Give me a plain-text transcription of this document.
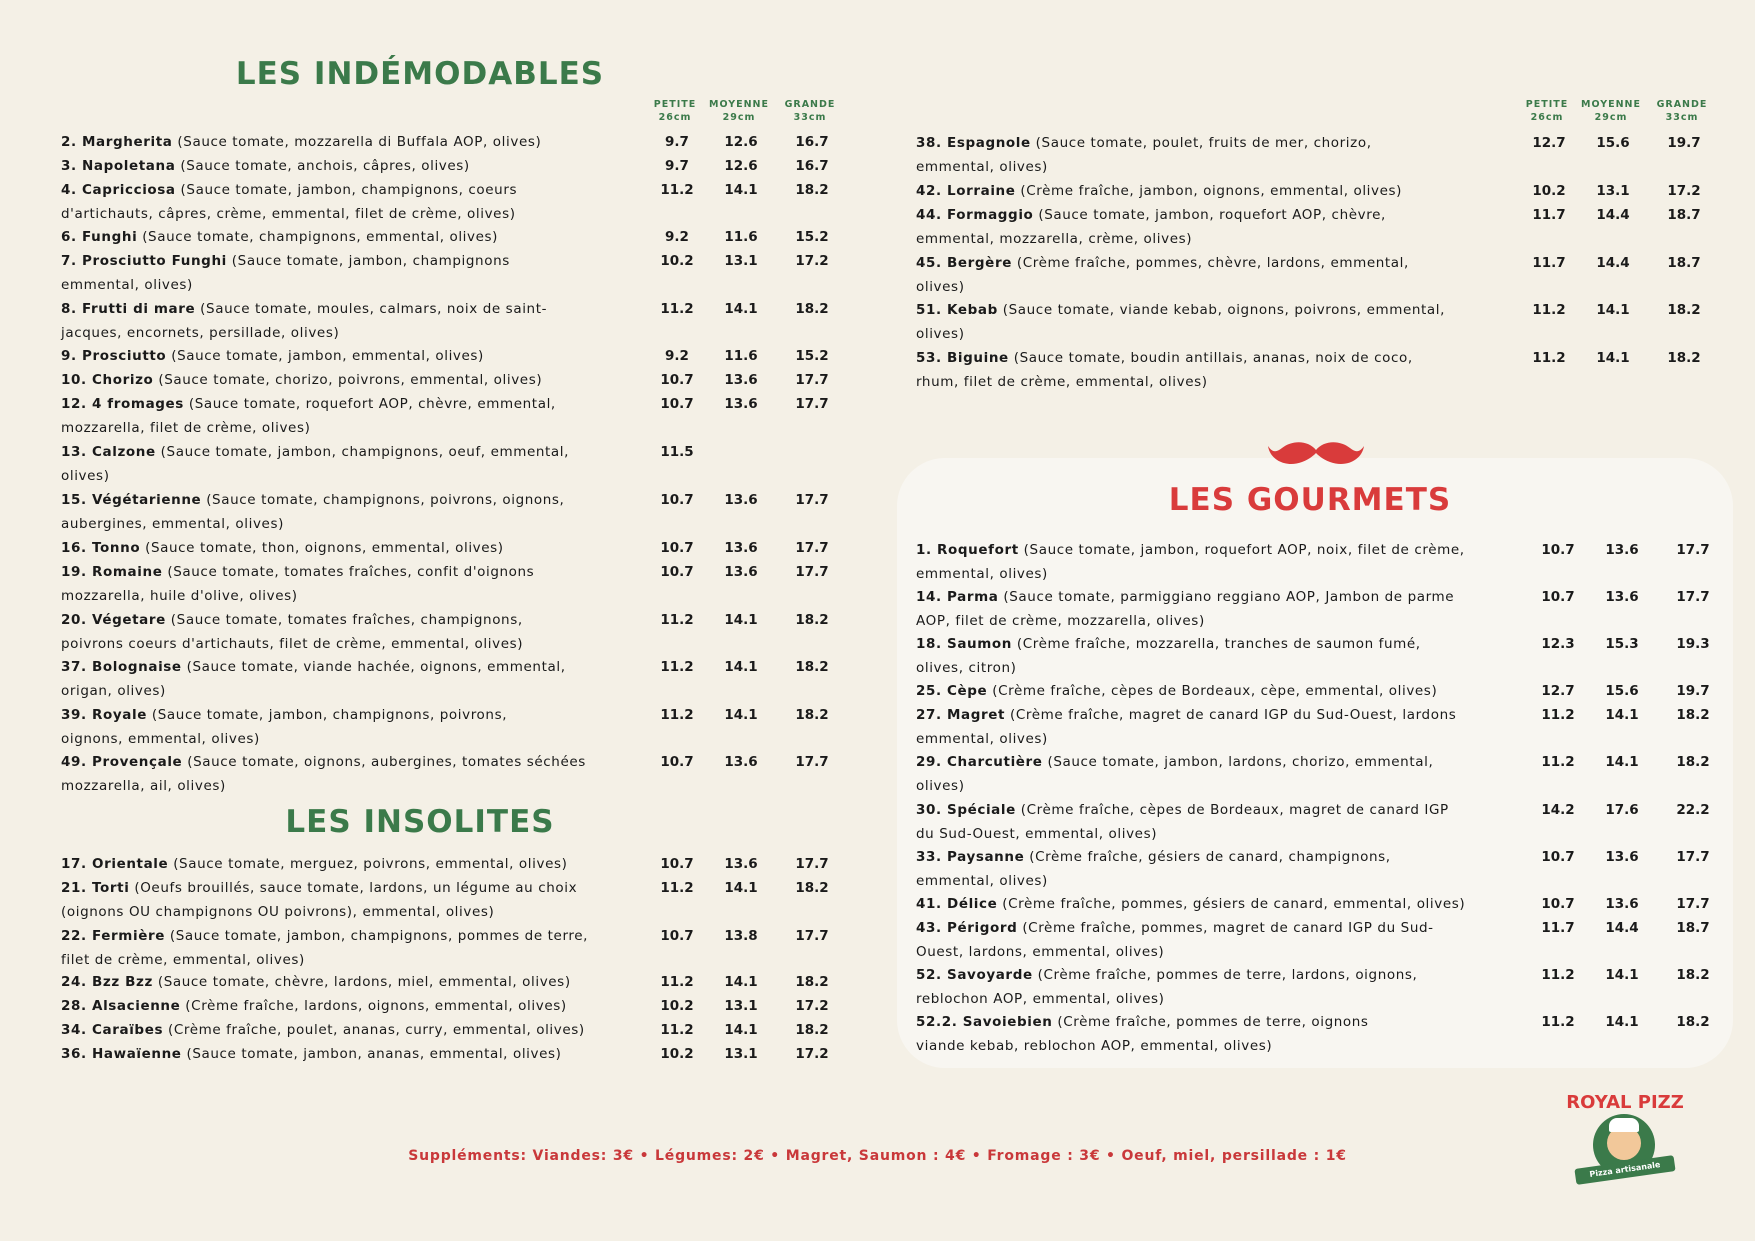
LES INDÉMODABLES
LES INSOLITES
LES GOURMETS
PETITE
26cm
MOYENNE
29cm
GRANDE
33cm
PETITE
26cm
MOYENNE
29cm
GRANDE
33cm
2. Margherita (Sauce tomate, mozzarella di Buffala AOP, olives)	9.7	12.6	16.7
3. Napoletana (Sauce tomate, anchois, câpres, olives)	9.7	12.6	16.7
4. Capricciosa (Sauce tomate, jambon, champignons, coeurs
d'artichauts, câpres, crème, emmental, filet de crème, olives)
11.2	14.1	18.2
6. Funghi (Sauce tomate, champignons, emmental, olives)	9.2	11.6	15.2
7. Prosciutto Funghi (Sauce tomate, jambon, champignons
emmental, olives)
10.2	13.1	17.2
8. Frutti di mare (Sauce tomate, moules, calmars, noix de saint-
jacques, encornets, persillade, olives)
11.2	14.1	18.2
9. Prosciutto (Sauce tomate, jambon, emmental, olives)	9.2	11.6	15.2
10. Chorizo (Sauce tomate, chorizo, poivrons, emmental, olives)	10.7	13.6	17.7
12. 4 fromages (Sauce tomate, roquefort AOP, chèvre, emmental,
mozzarella, filet de crème, olives)
10.7	13.6	17.7
13. Calzone (Sauce tomate, jambon, champignons, oeuf, emmental,
olives)
11.5
15. Végétarienne (Sauce tomate, champignons, poivrons, oignons,
aubergines, emmental, olives)
10.7	13.6	17.7
16. Tonno (Sauce tomate, thon, oignons, emmental, olives)	10.7	13.6	17.7
19. Romaine (Sauce tomate, tomates fraîches, confit d'oignons
mozzarella, huile d'olive, olives)
10.7	13.6	17.7
20. Végetare (Sauce tomate, tomates fraîches, champignons,
poivrons coeurs d'artichauts, filet de crème, emmental, olives)
11.2	14.1	18.2
37. Bolognaise (Sauce tomate, viande hachée, oignons, emmental,
origan, olives)
11.2	14.1	18.2
39. Royale (Sauce tomate, jambon, champignons, poivrons,
oignons, emmental, olives)
11.2	14.1	18.2
49. Provençale (Sauce tomate, oignons, aubergines, tomates séchées
mozzarella, ail, olives)
10.7	13.6	17.7
17. Orientale (Sauce tomate, merguez, poivrons, emmental, olives)	10.7	13.6	17.7
21. Torti (Oeufs brouillés, sauce tomate, lardons, un légume au choix
(oignons OU champignons OU poivrons), emmental, olives)
11.2	14.1	18.2
22. Fermière (Sauce tomate, jambon, champignons, pommes de terre,
filet de crème, emmental, olives)
10.7	13.8	17.7
24. Bzz Bzz (Sauce tomate, chèvre, lardons, miel, emmental, olives)	11.2	14.1	18.2
28. Alsacienne (Crème fraîche, lardons, oignons, emmental, olives)	10.2	13.1	17.2
34. Caraïbes (Crème fraîche, poulet, ananas, curry, emmental, olives)	11.2	14.1	18.2
36. Hawaïenne (Sauce tomate, jambon, ananas, emmental, olives)	10.2	13.1	17.2
38. Espagnole (Sauce tomate, poulet, fruits de mer, chorizo,
emmental, olives)
12.7	15.6	19.7
42. Lorraine (Crème fraîche, jambon, oignons, emmental, olives)	10.2	13.1	17.2
44. Formaggio (Sauce tomate, jambon, roquefort AOP, chèvre,
emmental, mozzarella, crème, olives)
11.7	14.4	18.7
45. Bergère (Crème fraîche, pommes, chèvre, lardons, emmental,
olives)
11.7	14.4	18.7
51. Kebab (Sauce tomate, viande kebab, oignons, poivrons, emmental,
olives)
11.2	14.1	18.2
53. Biguine (Sauce tomate, boudin antillais, ananas, noix de coco,
rhum, filet de crème, emmental, olives)
11.2	14.1	18.2
1. Roquefort (Sauce tomate, jambon, roquefort AOP, noix, filet de crème,
emmental, olives)
10.7	13.6	17.7
14. Parma (Sauce tomate, parmiggiano reggiano AOP, Jambon de parme
AOP, filet de crème, mozzarella, olives)
10.7	13.6	17.7
18. Saumon (Crème fraîche, mozzarella, tranches de saumon fumé,
olives, citron)
12.3	15.3	19.3
25. Cèpe (Crème fraîche, cèpes de Bordeaux, cèpe, emmental, olives)	12.7	15.6	19.7
27. Magret (Crème fraîche, magret de canard IGP du Sud-Ouest, lardons
emmental, olives)
11.2	14.1	18.2
29. Charcutière (Sauce tomate, jambon, lardons, chorizo, emmental,
olives)
11.2	14.1	18.2
30. Spéciale (Crème fraîche, cèpes de Bordeaux, magret de canard IGP
du Sud-Ouest, emmental, olives)
14.2	17.6	22.2
33. Paysanne (Crème fraîche, gésiers de canard, champignons,
emmental, olives)
10.7	13.6	17.7
41. Délice (Crème fraîche, pommes, gésiers de canard, emmental, olives)	10.7	13.6	17.7
43. Périgord (Crème fraîche, pommes, magret de canard IGP du Sud-
Ouest, lardons, emmental, olives)
11.7	14.4	18.7
52. Savoyarde (Crème fraîche, pommes de terre, lardons, oignons,
reblochon AOP, emmental, olives)
11.2	14.1	18.2
52.2. Savoiebien (Crème fraîche, pommes de terre, oignons
viande kebab, reblochon AOP, emmental, olives)
11.2	14.1	18.2
Suppléments: Viandes: 3€ • Légumes: 2€ • Magret, Saumon : 4€ • Fromage : 3€ • Oeuf, miel, persillade : 1€
ROYAL PIZZ
Pizza artisanale
